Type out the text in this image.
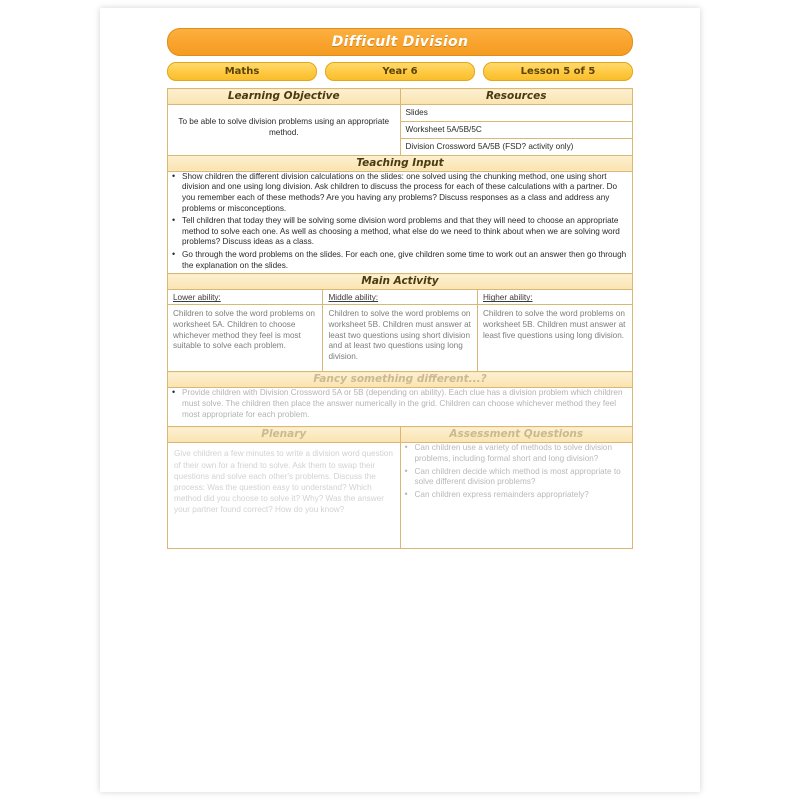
Difficult Division
Maths	Year 6	Lesson 5 of 5
Learning Objective	Resources

To be able to solve division problems using an appropriate method.

Slides
Worksheet 5A/5B/5C
Division Crossword 5A/5B (FSD? activity only)

Teaching Input

• Show children the different division calculations on the slides: one solved using the chunking method, one using short division and one using long division. Ask children to discuss the process for each of these calculations with a partner. Do you remember each of these methods? Are you having any problems? Discuss responses as a class and address any problems or misconceptions.
• Tell children that today they will be solving some division word problems and that they will need to choose an appropriate method to solve each one. As well as choosing a method, what else do we need to think about when we are solving word problems? Discuss ideas as a class.
• Go through the word problems on the slides. For each one, give children some time to work out an answer then go through the explanation on the slides.

Main Activity

Lower ability:
Children to solve the word problems on worksheet 5A. Children to choose whichever method they feel is most suitable to solve each problem.

Middle ability:
Children to solve the word problems on worksheet 5B. Children must answer at least two questions using short division and at least two questions using long division.

Higher ability:
Children to solve the word problems on worksheet 5B. Children must answer at least five questions using long division.

Fancy something different...?

• Provide children with Division Crossword 5A or 5B (depending on ability). Each clue has a division problem which children must solve. The children then place the answer numerically in the grid. Children can choose whichever method they feel most appropriate for each problem.

Plenary	Assessment Questions

Give children a few minutes to write a division word question of their own for a friend to solve. Ask them to swap their questions and solve each other's problems. Discuss the process: Was the question easy to understand? Which method did you choose to solve it? Why? Was the answer your partner found correct? How do you know?

• Can children use a variety of methods to solve division problems, including formal short and long division?
• Can children decide which method is most appropriate to solve different division problems?
• Can children express remainders appropriately?
